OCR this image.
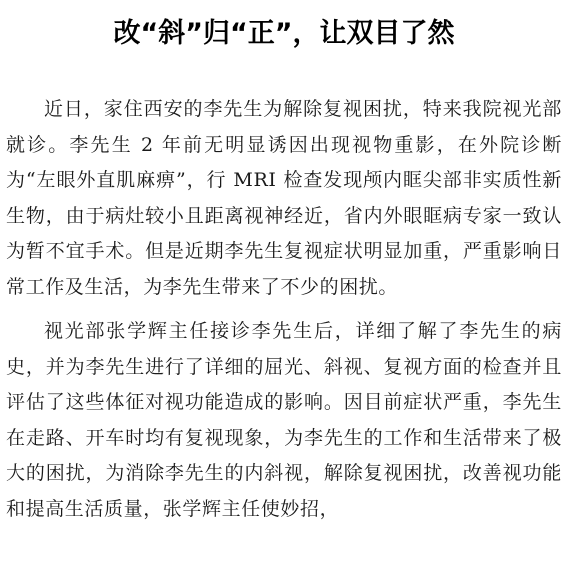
改“斜”归“正”，让双目了然

近日，家住西安的李先生为解除复视困扰，特来我院视光部就诊。李先生 2 年前无明显诱因出现视物重影，在外院诊断为“左眼外直肌麻痹”，行 MRI 检查发现颅内眶尖部非实质性新生物，由于病灶较小且距离视神经近，省内外眼眶病专家一致认为暂不宜手术。但是近期李先生复视症状明显加重，严重影响日常工作及生活，为李先生带来了不少的困扰。

视光部张学辉主任接诊李先生后，详细了解了李先生的病史，并为李先生进行了详细的屈光、斜视、复视方面的检查并且评估了这些体征对视功能造成的影响。因目前症状严重，李先生在走路、开车时均有复视现象，为李先生的工作和生活带来了极大的困扰，为消除李先生的内斜视，解除复视困扰，改善视功能和提高生活质量，张学辉主任使妙招，
